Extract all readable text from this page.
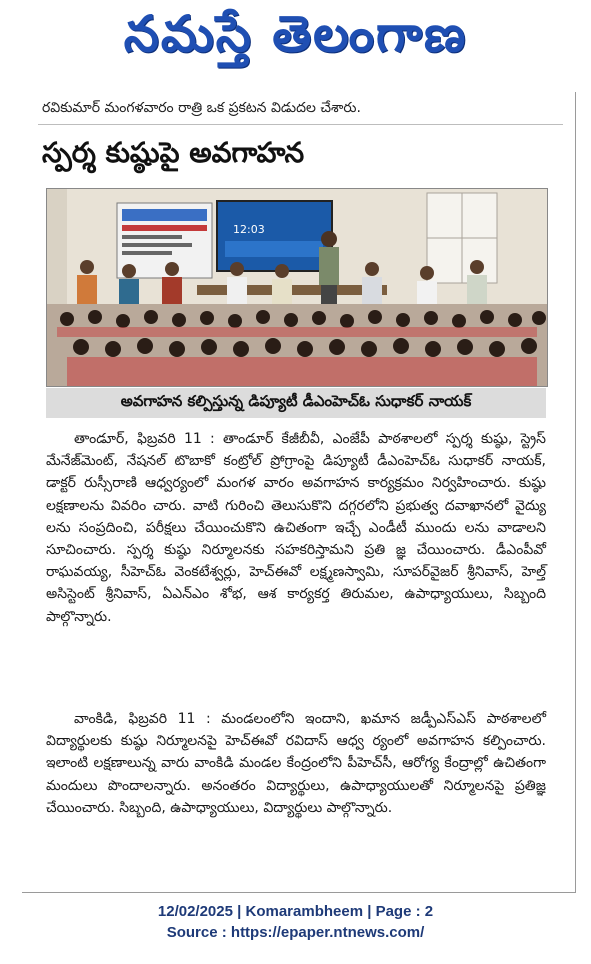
నమస్తే తెలంగాణ
రవికుమార్ మంగళవారం రాత్రి ఒక ప్రకటన విడుదల చేశారు.
స్పర్శ కుష్ఠుపై అవగాహన
12:03
అవగాహన కల్పిస్తున్న డిప్యూటీ డీఎంహెచ్ఓ సుధాకర్ నాయక్

తాండూర్, ఫిబ్రవరి 11 : తాండూర్ కేజీబీవీ, ఎంజేపీ పాఠశాలలో స్పర్శ కుష్ఠు, స్ట్రెస్ మేనేజ్‌మెంట్, నేషనల్ టొబాకో కంట్రోల్ ప్రోగ్రాంపై డిప్యూటీ డీఎంహెచ్ఓ సుధాకర్ నాయక్, డాక్టర్ రుస్సీరాణి ఆధ్వర్యంలో మంగళ వారం అవగాహన కార్యక్రమం నిర్వహించారు. కుష్ఠు లక్షణాలను వివరిం చారు. వాటి గురించి తెలుసుకొని దగ్గరలోని ప్రభుత్వ దవాఖానలో వైద్యు లను సంప్రదించి, పరీక్షలు చేయించుకొని ఉచితంగా ఇచ్చే ఎండీటీ ముందు లను వాడాలని సూచించారు. స్పర్శ కుష్ఠు నిర్మూలనకు సహకరిస్తామని ప్రతి జ్ఞ చేయించారు. డీఎంపీవో రాఘవయ్య, సీహెచ్ఓ వెంకటేశ్వర్లు, హెచ్ఈవో లక్ష్మణస్వామి, సూపర్‌వైజర్ శ్రీనివాస్, హెల్త్ అసిస్టెంట్ శ్రీనివాస్, ఏఎన్ఎం శోభ, ఆశ కార్యకర్త తిరుమల, ఉపాధ్యాయులు, సిబ్బంది పాల్గొన్నారు.

వాంకిడి, ఫిబ్రవరి 11 : మండలంలోని ఇందాని, ఖమాన జడ్పీఎస్ఎస్ పాఠశాలలో విద్యార్థులకు కుష్ఠు నిర్మూలనపై హెచ్ఈవో రవిదాస్ ఆధ్వ ర్యంలో అవగాహన కల్పించారు. ఇలాంటి లక్షణాలున్న వారు వాంకిడి మండల కేంద్రంలోని పీహెచ్‌సీ, ఆరోగ్య కేంద్రాల్లో ఉచితంగా మందులు పొందాలన్నారు. అనంతరం విద్యార్థులు, ఉపాధ్యాయులతో నిర్మూలనపై ప్రతిజ్ఞ చేయించారు. సిబ్బంది, ఉపాధ్యాయులు, విద్యార్థులు పాల్గొన్నారు.

12/02/2025 | Komarambheem | Page : 2
Source : https://epaper.ntnews.com/
